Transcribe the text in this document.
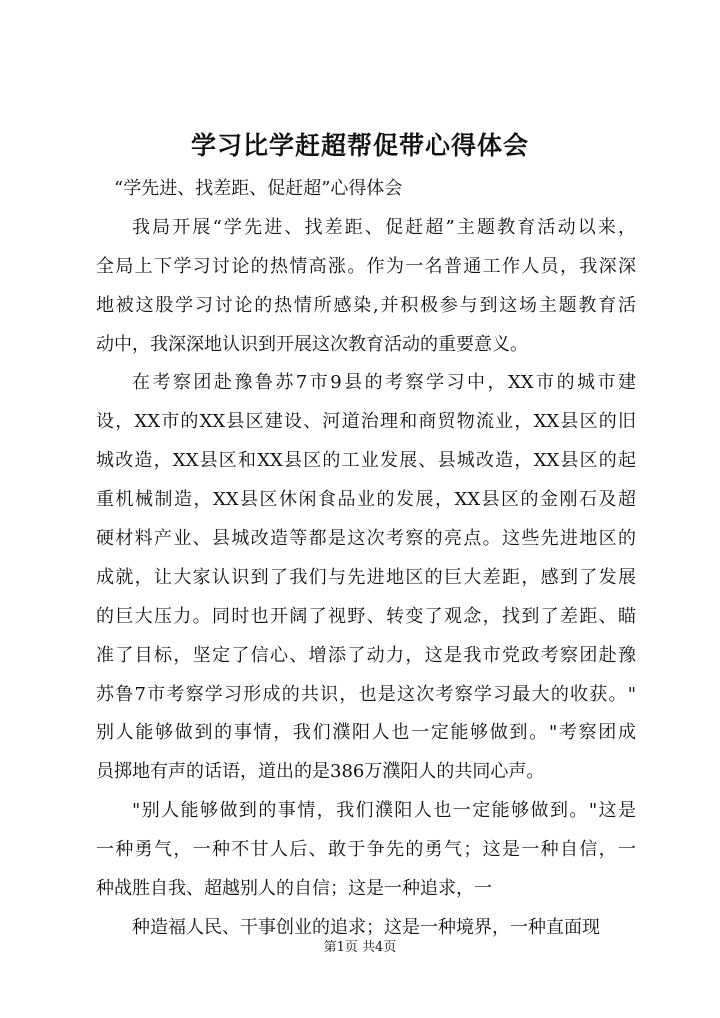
学习比学赶超帮促带心得体会
“学先进、找差距、促赶超”心得体会
我局开展“学先进、找差距、促赶超”主题教育活动以来，
全局上下学习讨论的热情高涨。作为一名普通工作人员，我深深
地被这股学习讨论的热情所感染,并积极参与到这场主题教育活
动中，我深深地认识到开展这次教育活动的重要意义。
在考察团赴豫鲁苏7市9县的考察学习中，XX市的城市建
设，XX市的XX县区建设、河道治理和商贸物流业，XX县区的旧
城改造，XX县区和XX县区的工业发展、县城改造，XX县区的起
重机械制造，XX县区休闲食品业的发展，XX县区的金刚石及超
硬材料产业、县城改造等都是这次考察的亮点。这些先进地区的
成就，让大家认识到了我们与先进地区的巨大差距，感到了发展
的巨大压力。同时也开阔了视野、转变了观念，找到了差距、瞄
准了目标，坚定了信心、增添了动力，这是我市党政考察团赴豫
苏鲁7市考察学习形成的共识，也是这次考察学习最大的收获。"
别人能够做到的事情，我们濮阳人也一定能够做到。"考察团成
员掷地有声的话语，道出的是386万濮阳人的共同心声。
"别人能够做到的事情，我们濮阳人也一定能够做到。"这是
一种勇气，一种不甘人后、敢于争先的勇气；这是一种自信，一
种战胜自我、超越别人的自信；这是一种追求，一
种造福人民、干事创业的追求；这是一种境界，一种直面现
第1页 共4页
